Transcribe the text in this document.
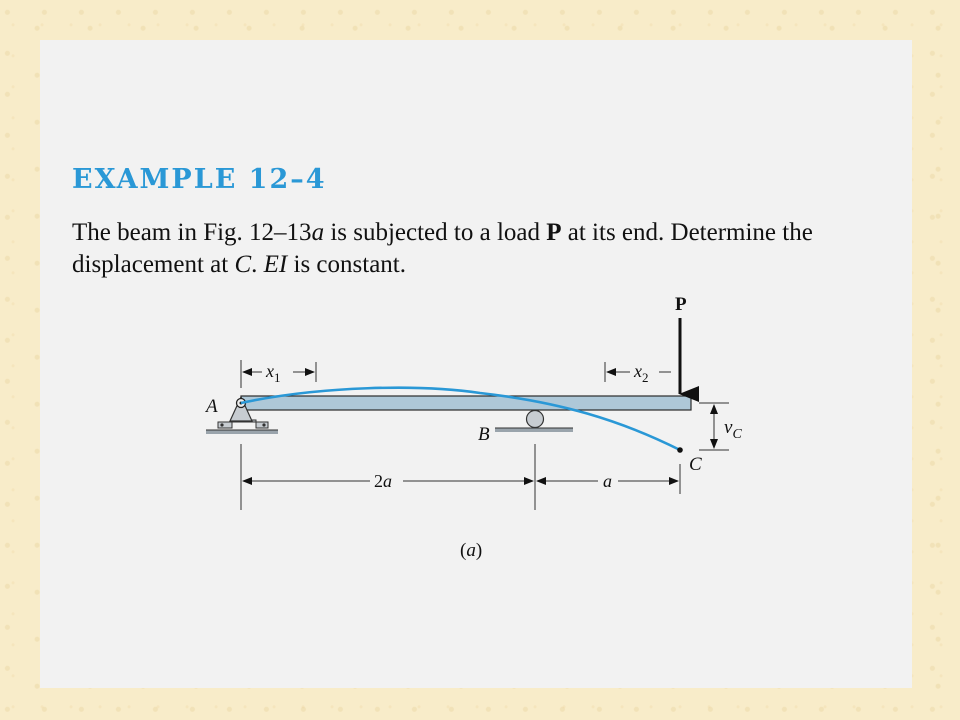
EXAMPLE 12–4

The beam in Fig. 12–13a is subjected to a load P at its end. Determine the displacement at C. EI is constant.

P
A
B
C
$x_1$	$x_2$
$v_C$
2a	a
(a)
